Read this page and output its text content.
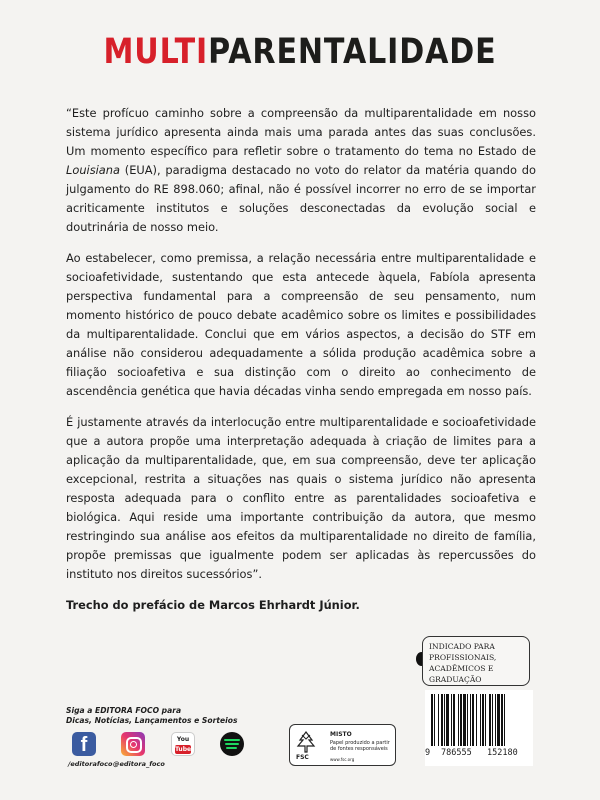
MULTIPARENTALIDADE

“Este profícuo caminho sobre a compreensão da multiparentalidade em nosso sistema jurídico apresenta ainda mais uma parada antes das suas conclusões. Um momento específico para refletir sobre o tratamento do tema no Estado de Louisiana (EUA), paradigma destacado no voto do relator da matéria quando do julgamento do RE 898.060; afinal, não é possível incorrer no erro de se importar acriticamente institutos e soluções desconectadas da evolução social e doutrinária de nosso meio.

Ao estabelecer, como premissa, a relação necessária entre multiparentalidade e socioafetividade, sustentando que esta antecede àquela, Fabíola apresenta perspectiva fundamental para a compreensão de seu pensamento, num momento histórico de pouco debate acadêmico sobre os limites e possibilidades da multiparentalidade. Conclui que em vários aspectos, a decisão do STF em análise não considerou adequadamente a sólida produção acadêmica sobre a filiação socioafetiva e sua distinção com o direito ao conhecimento de ascendência genética que havia décadas vinha sendo empregada em nosso país.

É justamente através da interlocução entre multiparentalidade e socioafetividade que a autora propõe uma interpretação adequada à criação de limites para a aplicação da multiparentalidade, que, em sua compreensão, deve ter aplicação excepcional, restrita a situações nas quais o sistema jurídico não apresenta resposta adequada para o conflito entre as parentalidades socioafetiva e biológica. Aqui reside uma importante contribuição da autora, que mesmo restringindo sua análise aos efeitos da multiparentalidade no direito de família, propõe premissas que igualmente podem ser aplicadas às repercussões do instituto nos direitos sucessórios”.

Trecho do prefácio de Marcos Ehrhardt Júnior.

INDICADO PARA
PROFISSIONAIS,
ACADÊMICOS E
GRADUAÇÃO
Siga a EDITORA FOCO para
Dicas, Notícias, Lançamentos e Sorteios
f
/editorafoco @editora_foco
You
Tube
FSC
MISTO
Papel produzido a partir de fontes responsáveis
www.fsc.org
9 786555 152180
